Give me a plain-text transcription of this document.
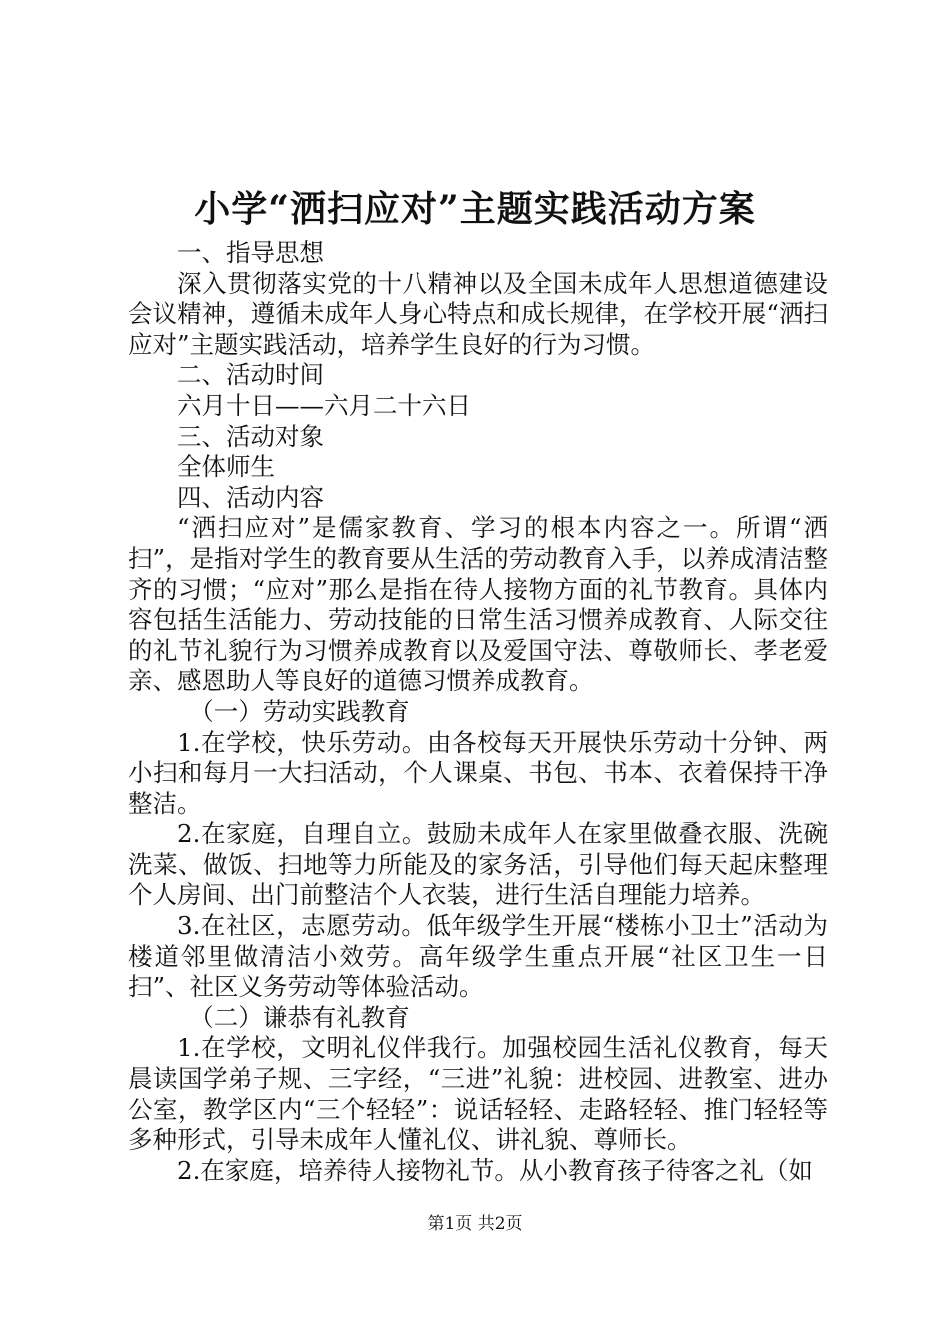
小学“洒扫应对”主题实践活动方案

一、指导思想

深入贯彻落实党的十八精神以及全国未成年人思想道德建设会议精神，遵循未成年人身心特点和成长规律，在学校开展“洒扫应对”主题实践活动，培养学生良好的行为习惯。

二、活动时间

六月十日——六月二十六日

三、活动对象

全体师生

四、活动内容

“洒扫应对”是儒家教育、学习的根本内容之一。所谓“洒扫”，是指对学生的教育要从生活的劳动教育入手，以养成清洁整齐的习惯；“应对”那么是指在待人接物方面的礼节教育。具体内容包括生活能力、劳动技能的日常生活习惯养成教育、人际交往的礼节礼貌行为习惯养成教育以及爱国守法、尊敬师长、孝老爱亲、感恩助人等良好的道德习惯养成教育。

（一）劳动实践教育

1.在学校，快乐劳动。由各校每天开展快乐劳动十分钟、两小扫和每月一大扫活动，个人课桌、书包、书本、衣着保持干净整洁。

2.在家庭，自理自立。鼓励未成年人在家里做叠衣服、洗碗洗菜、做饭、扫地等力所能及的家务活，引导他们每天起床整理个人房间、出门前整洁个人衣装，进行生活自理能力培养。

3.在社区，志愿劳动。低年级学生开展“楼栋小卫士”活动为楼道邻里做清洁小效劳。高年级学生重点开展“社区卫生一日扫”、社区义务劳动等体验活动。

（二）谦恭有礼教育

1.在学校，文明礼仪伴我行。加强校园生活礼仪教育，每天晨读国学弟子规、三字经，“三进”礼貌：进校园、进教室、进办公室，教学区内“三个轻轻”：说话轻轻、走路轻轻、推门轻轻等多种形式，引导未成年人懂礼仪、讲礼貌、尊师长。

2.在家庭，培养待人接物礼节。从小教育孩子待客之礼（如

第1页 共2页
